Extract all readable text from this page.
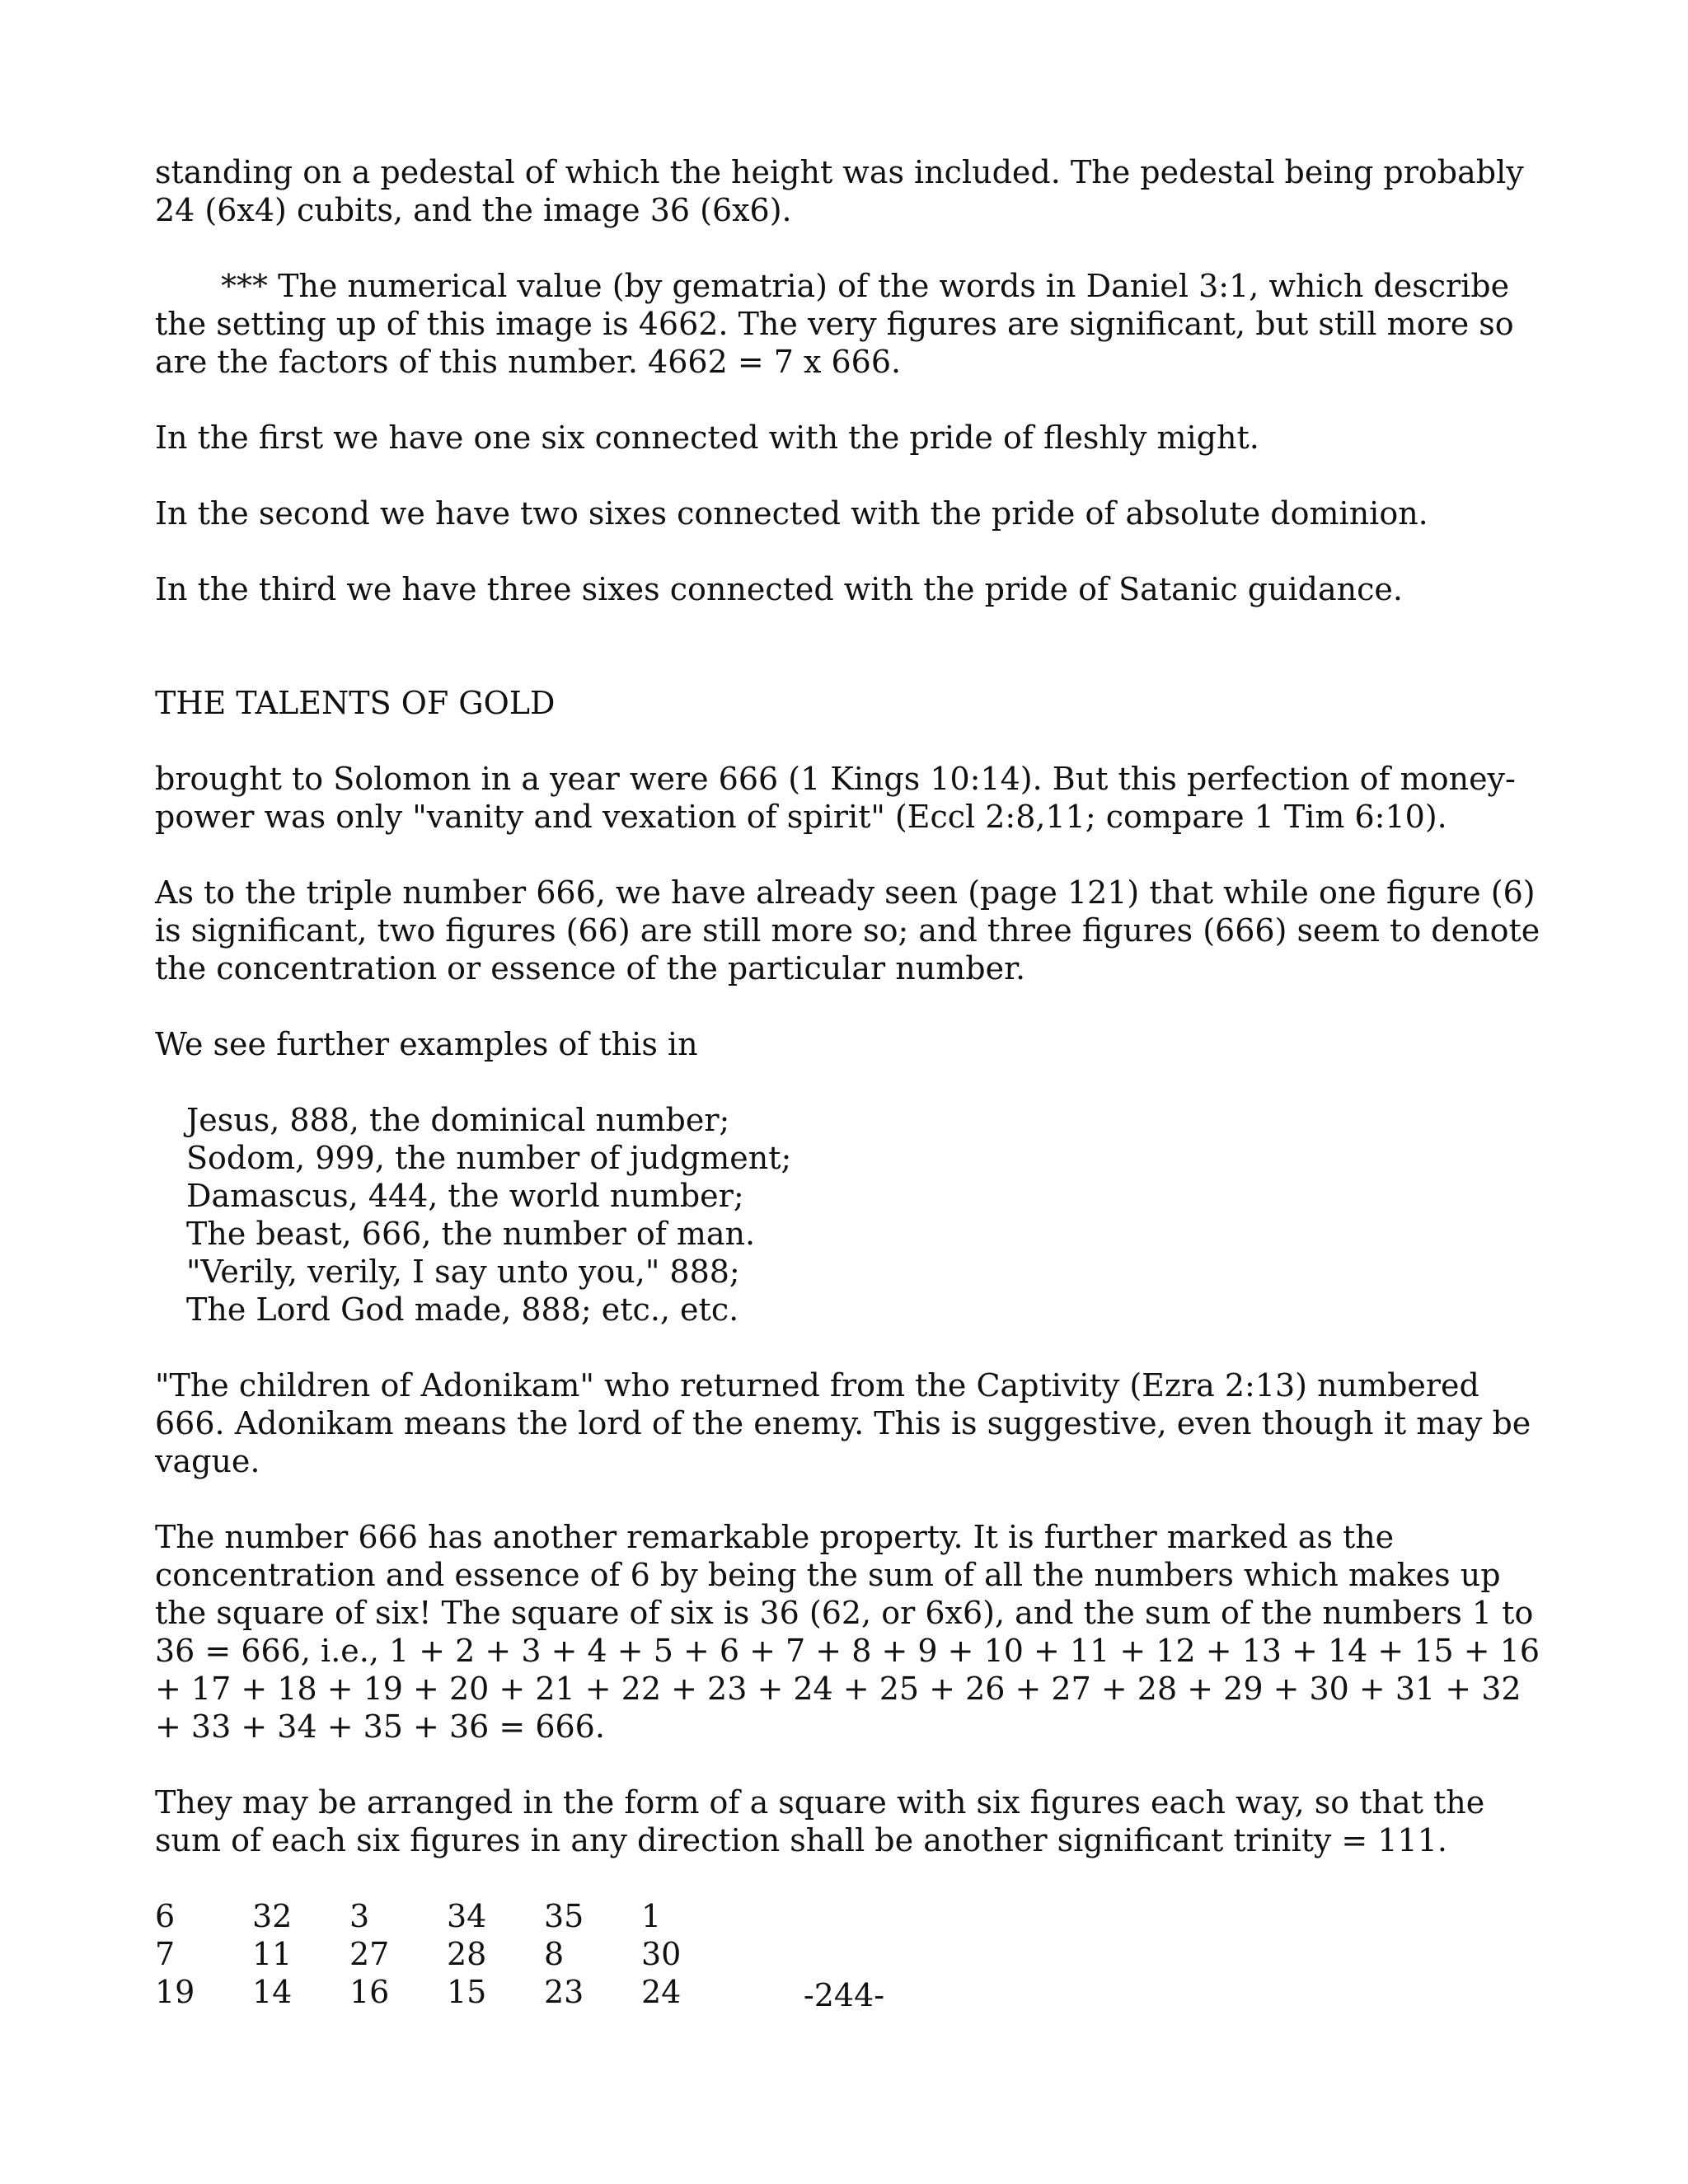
standing on a pedestal of which the height was included. The pedestal being probably 24 (6x4) cubits, and the image 36 (6x6).

*** The numerical value (by gematria) of the words in Daniel 3:1, which describe the setting up of this image is 4662. The very figures are significant, but still more so are the factors of this number. 4662 = 7 x 666.

In the first we have one six connected with the pride of fleshly might.

In the second we have two sixes connected with the pride of absolute dominion.

In the third we have three sixes connected with the pride of Satanic guidance.

THE TALENTS OF GOLD

brought to Solomon in a year were 666 (1 Kings 10:14). But this perfection of money-power was only "vanity and vexation of spirit" (Eccl 2:8,11; compare 1 Tim 6:10).

As to the triple number 666, we have already seen (page 121) that while one figure (6) is significant, two figures (66) are still more so; and three figures (666) seem to denote the concentration or essence of the particular number.

We see further examples of this in

Jesus, 888, the dominical number;
Sodom, 999, the number of judgment;
Damascus, 444, the world number;
The beast, 666, the number of man.
"Verily, verily, I say unto you," 888;
The Lord God made, 888; etc., etc.

"The children of Adonikam" who returned from the Captivity (Ezra 2:13) numbered 666. Adonikam means the lord of the enemy. This is suggestive, even though it may be vague.

The number 666 has another remarkable property. It is further marked as the concentration and essence of 6 by being the sum of all the numbers which makes up the square of six! The square of six is 36 (62, or 6x6), and the sum of the numbers 1 to 36 = 666, i.e., 1 + 2 + 3 + 4 + 5 + 6 + 7 + 8 + 9 + 10 + 11 + 12 + 13 + 14 + 15 + 16 + 17 + 18 + 19 + 20 + 21 + 22 + 23 + 24 + 25 + 26 + 27 + 28 + 29 + 30 + 31 + 32 + 33 + 34 + 35 + 36 = 666.

They may be arranged in the form of a square with six figures each way, so that the sum of each six figures in any direction shall be another significant trinity = 111.

6	32	3	34	35	1
7	11	27	28	8	30
19	14	16	15	23	24	-244-
